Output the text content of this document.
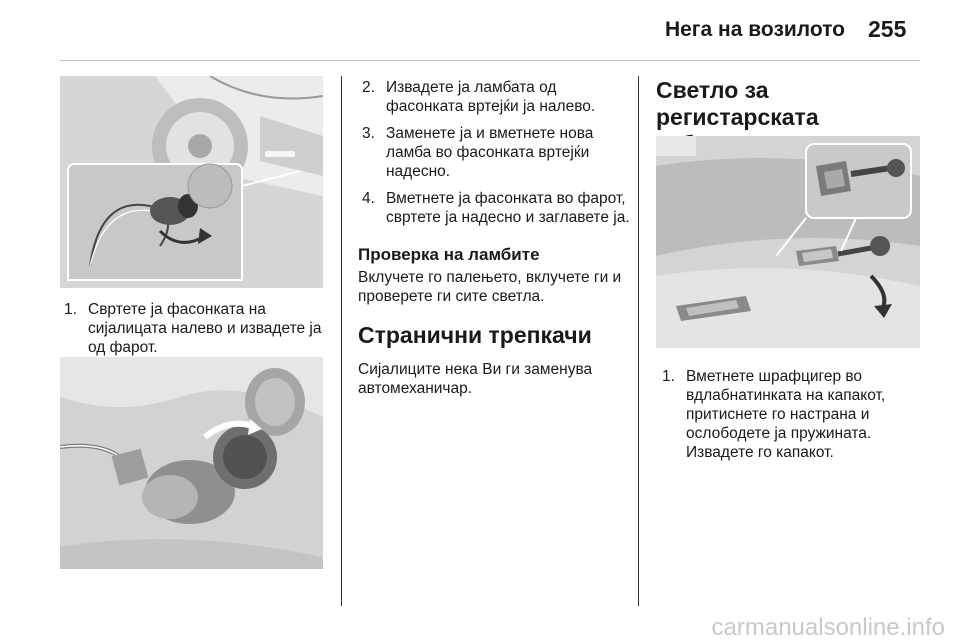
Нега на возилото 255
1. Свртете ја фасонката на сијалицата налево и извадете ја од фарот.
2. Извадете ја ламбата од фасонката вртејќи ја налево.
3. Заменете ја и вметнете нова ламба во фасонката вртејќи надесно.
4. Вметнете ја фасонката во фарот, свртете ја надесно и заглавете ја.
Проверка на ламбите
Вклучете го палењето, вклучете ги и проверете ги сите светла.
Странични трепкачи
Сијалиците нека Ви ги заменува автомеханичар.
Светло за регистарската
1. Вметнете шрафцигер во вдлабнатинката на капакот, притиснете го настрана и ослободете ја пружината. Извадете го капакот.
carmanualsonline.info
